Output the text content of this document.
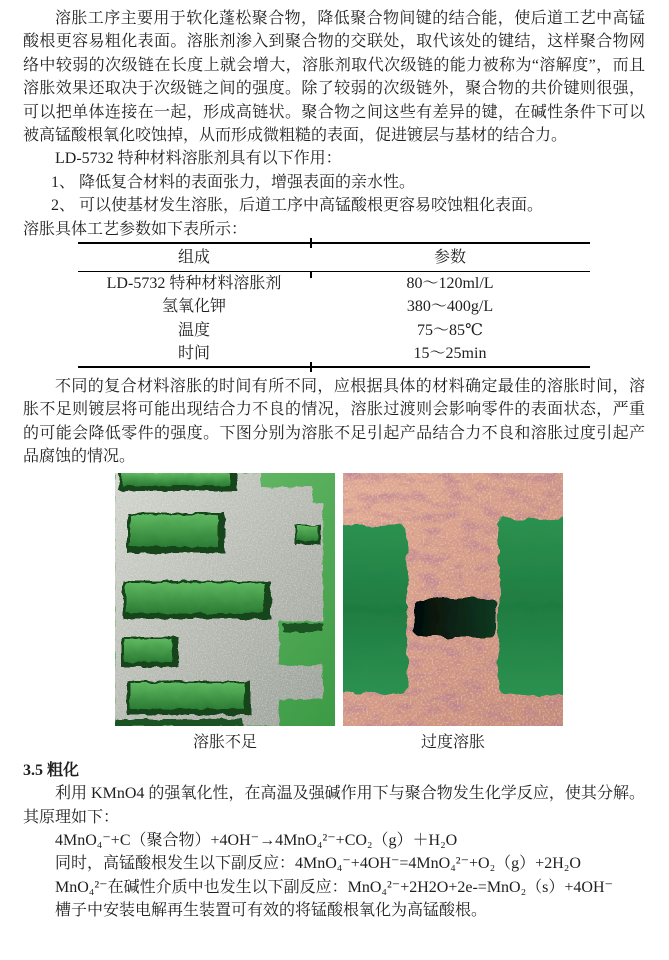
溶胀工序主要用于软化蓬松聚合物，降低聚合物间键的结合能，使后道工艺中高锰酸根更容易粗化表面。溶胀剂渗入到聚合物的交联处，取代该处的键结，这样聚合物网络中较弱的次级链在长度上就会增大，溶胀剂取代次级链的能力被称为“溶解度”，而且溶胀效果还取决于次级链之间的强度。除了较弱的次级链外，聚合物的共价键则很强，可以把单体连接在一起，形成高链状。聚合物之间这些有差异的键，在碱性条件下可以被高锰酸根氧化咬蚀掉，从而形成微粗糙的表面，促进镀层与基材的结合力。

LD-5732 特种材料溶胀剂具有以下作用：

1、 降低复合材料的表面张力，增强表面的亲水性。

2、 可以使基材发生溶胀，后道工序中高锰酸根更容易咬蚀粗化表面。

溶胀具体工艺参数如下表所示：

组成	参数
LD-5732 特种材料溶胀剂	80～120ml/L
氢氧化钾	380～400g/L
温度	75～85℃
时间	15～25min

不同的复合材料溶胀的时间有所不同，应根据具体的材料确定最佳的溶胀时间，溶胀不足则镀层将可能出现结合力不良的情况，溶胀过渡则会影响零件的表面状态，严重的可能会降低零件的强度。下图分别为溶胀不足引起产品结合力不良和溶胀过度引起产品腐蚀的情况。

溶胀不足	过度溶胀
3.5 粗化

利用 KMnO4 的强氧化性，在高温及强碱作用下与聚合物发生化学反应，使其分解。其原理如下：

4MnO₄⁻+C（聚合物）+4OH⁻→4MnO₄²⁻+CO₂（g）＋H₂O

同时，高锰酸根发生以下副反应：4MnO₄⁻+4OH⁻=4MnO₄²⁻+O₂（g）+2H₂O

MnO₄²⁻在碱性介质中也发生以下副反应：MnO₄²⁻+2H2O+2e-=MnO₂（s）+4OH⁻

槽子中安装电解再生装置可有效的将锰酸根氧化为高锰酸根。
